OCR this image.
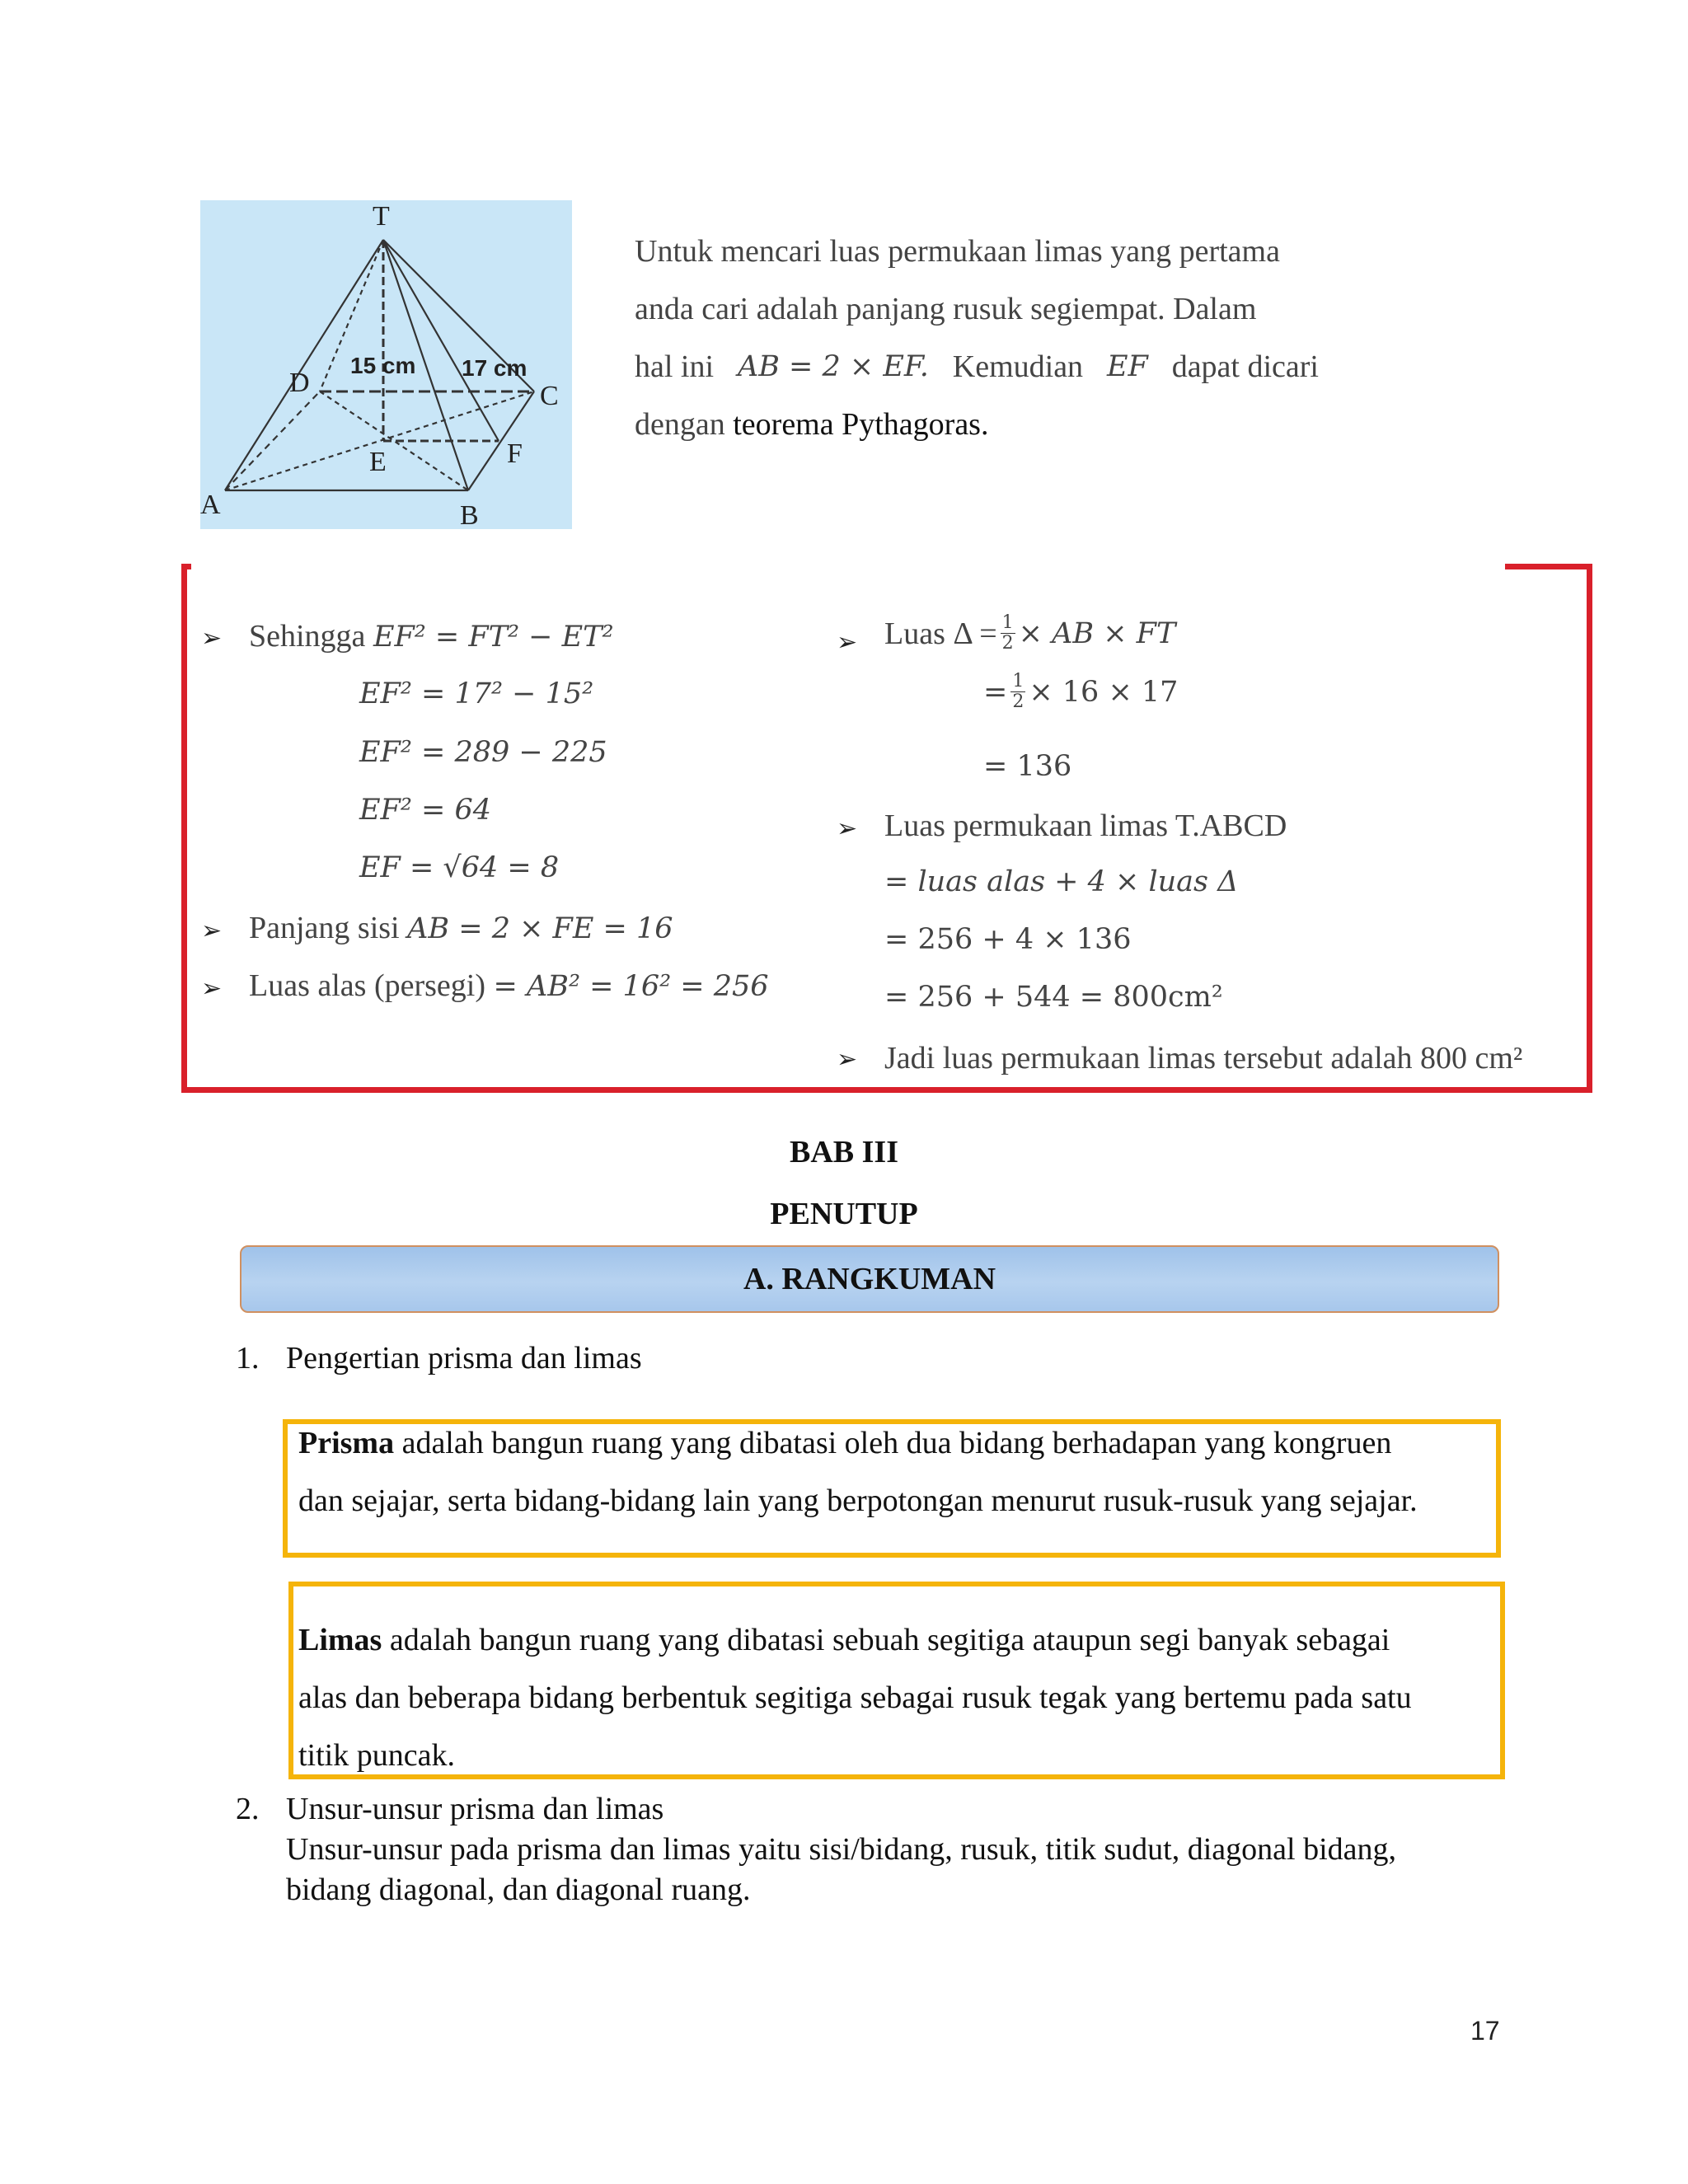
T
D	C
E	F
A	B
15 cm 17 cm
Untuk mencari luas permukaan limas yang pertama
anda cari adalah panjang rusuk segiempat. Dalam
hal ini AB = 2 × EF. Kemudian EF dapat dicari
dengan teorema Pythagoras.
➢ Sehingga EF² = FT² − ET²
EF² = 17² − 15²
EF² = 289 − 225
EF² = 64
EF = √64 = 8
➢ Panjang sisi AB = 2 × FE = 16
➢ Luas alas (persegi) = AB² = 16² = 256
➢ Luas $\Delta = \frac{1}{2}$ × AB × FT
= $\frac{1}{2} \times 16 \times 17$
= 136
➢ Luas permukaan limas T.ABCD
= luas alas + 4 × luas Δ
= 256 + 4 × 136
= 256 + 544 = 800cm²
➢ Jadi luas permukaan limas tersebut adalah 800 cm²
BAB III
PENUTUP
A. RANGKUMAN
1. Pengertian prisma dan limas
Prisma adalah bangun ruang yang dibatasi oleh dua bidang berhadapan yang kongruen
dan sejajar, serta bidang-bidang lain yang berpotongan menurut rusuk-rusuk yang sejajar.
Limas adalah bangun ruang yang dibatasi sebuah segitiga ataupun segi banyak sebagai
alas dan beberapa bidang berbentuk segitiga sebagai rusuk tegak yang bertemu pada satu
titik puncak.
2. Unsur-unsur prisma dan limas
Unsur-unsur pada prisma dan limas yaitu sisi/bidang, rusuk, titik sudut, diagonal bidang,
bidang diagonal, dan diagonal ruang.
17
